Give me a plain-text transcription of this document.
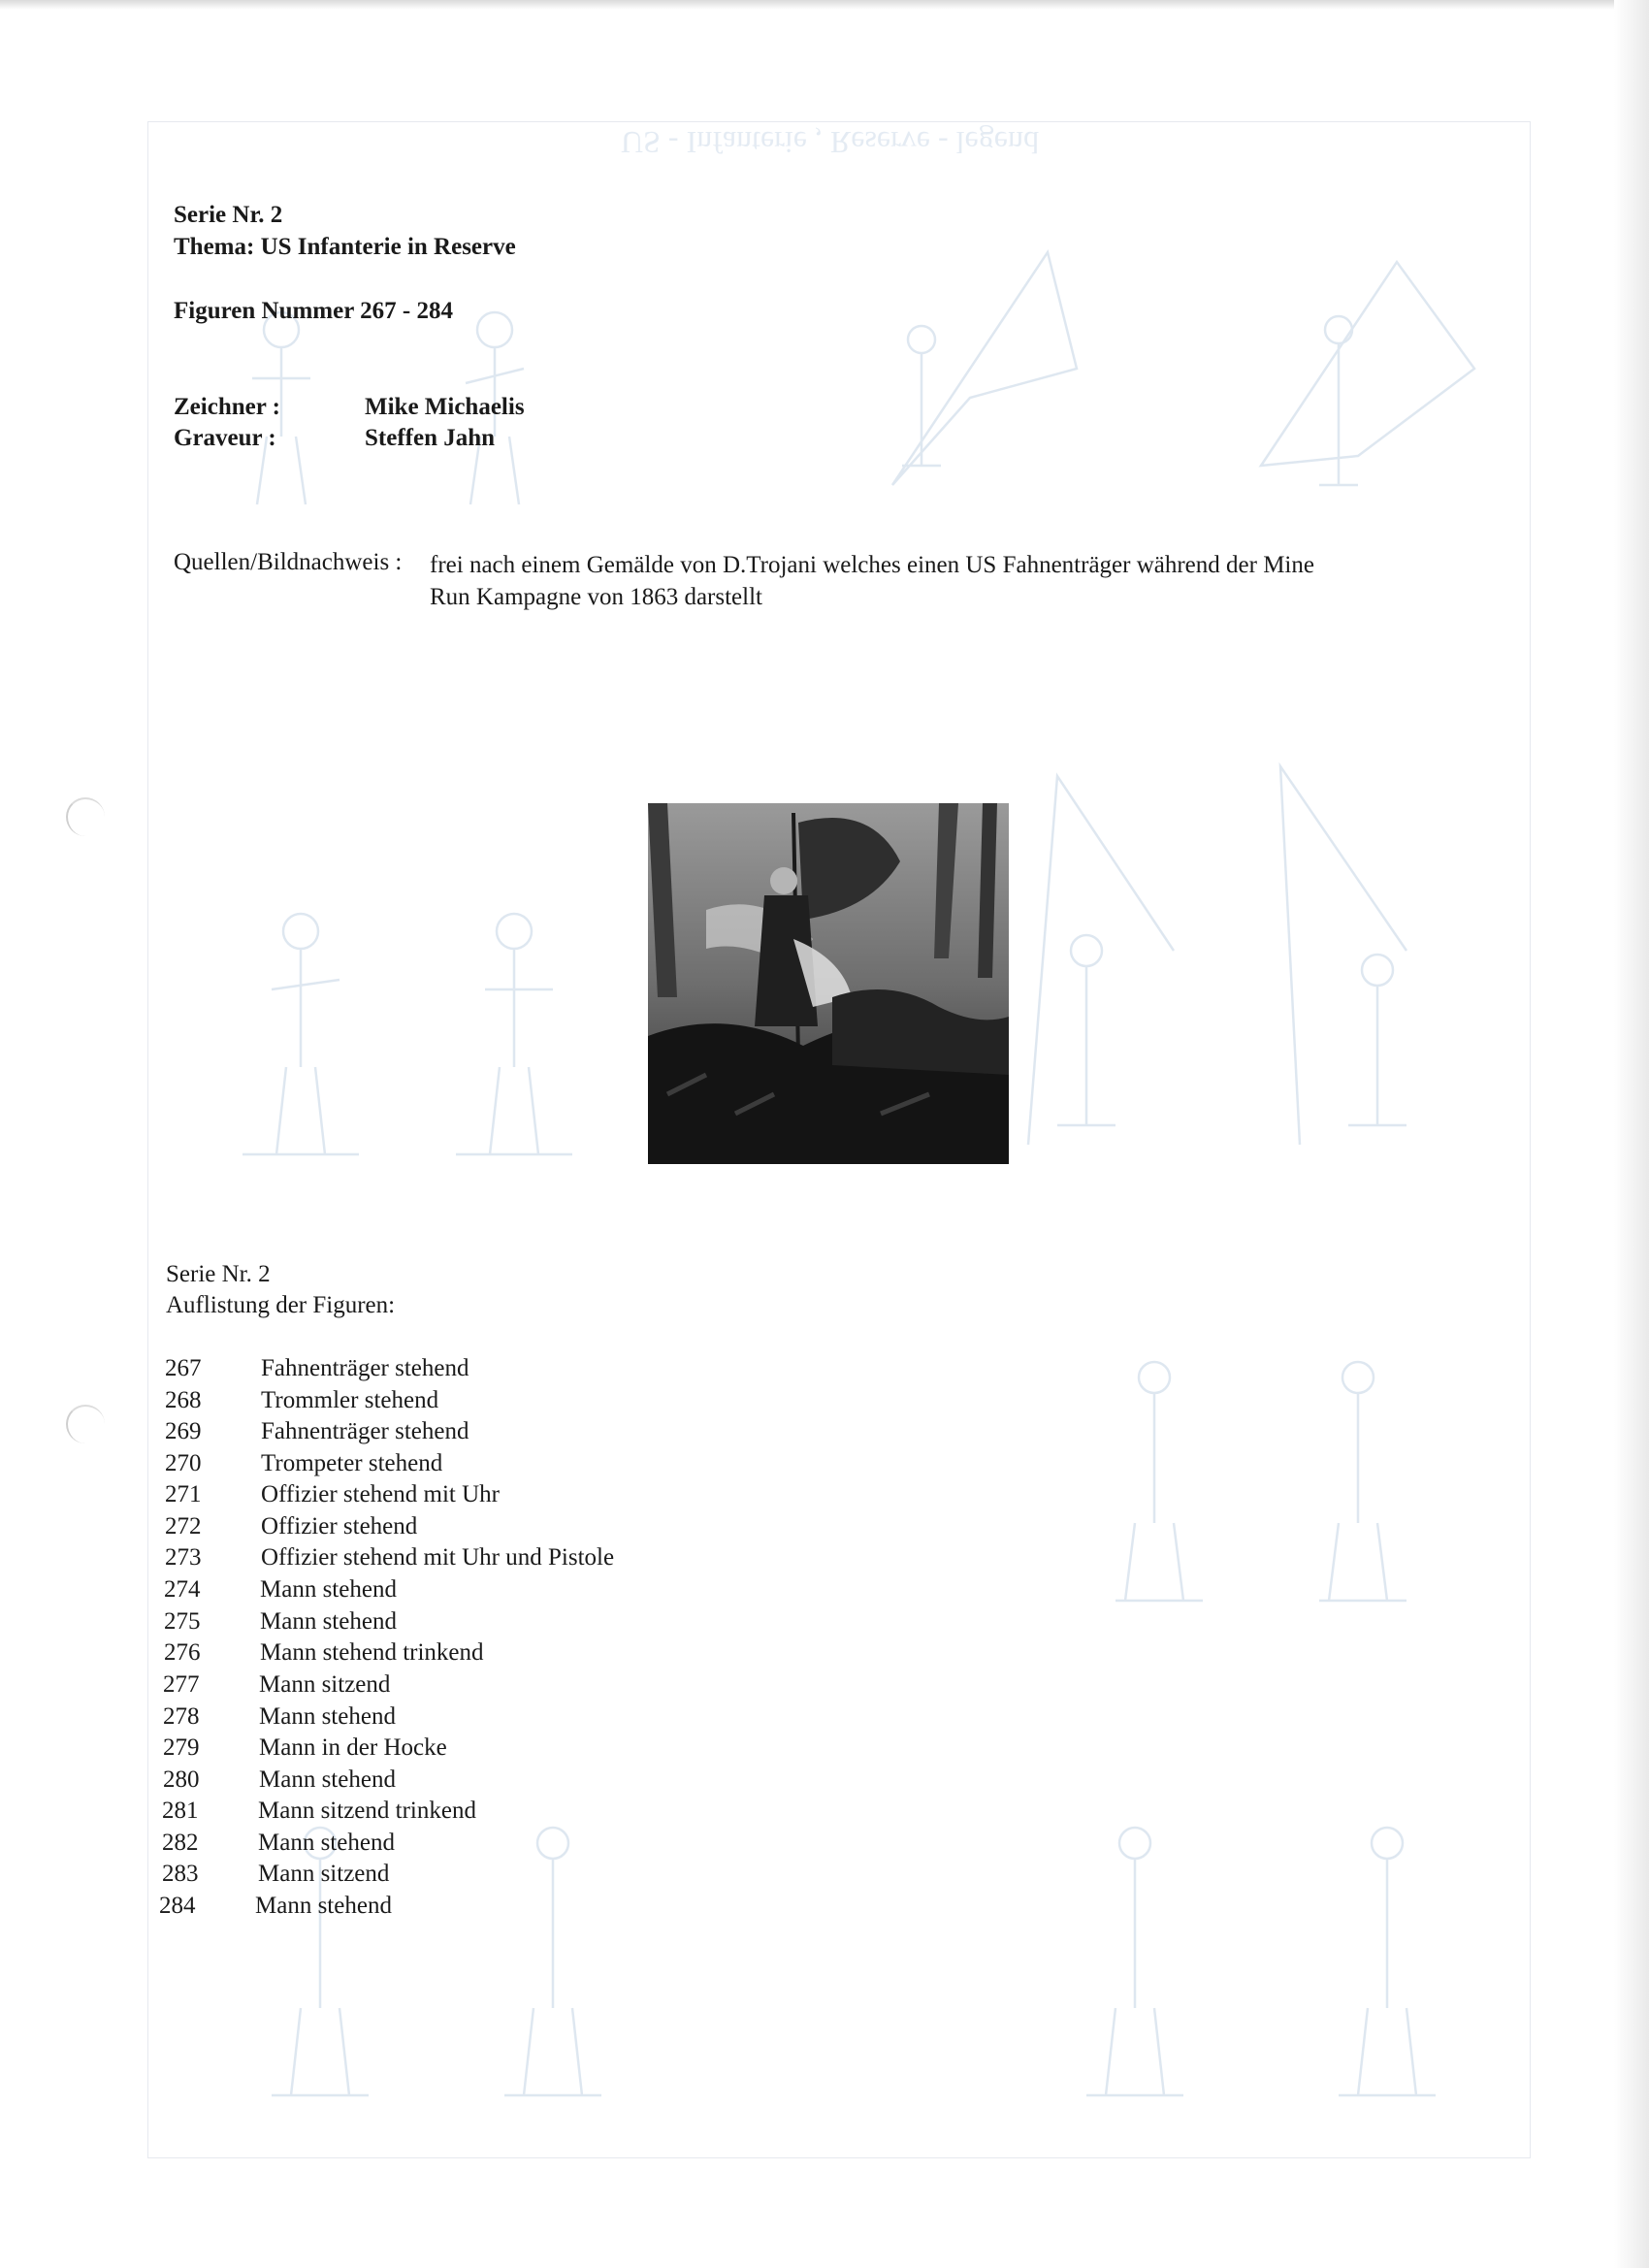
US - Infanterie , Reserve - legend
Serie Nr. 2
Thema: US Infanterie in Reserve
Figuren Nummer 267 - 284
Zeichner :	Mike Michaelis
Graveur :	Steffen Jahn
Quellen/Bildnachweis : frei nach einem Gemälde von D.Trojani welches einen US Fahnenträger während der Mine Run Kampagne von 1863 darstellt
Serie Nr. 2
Auflistung der Figuren:
267 Fahnenträger stehend
268 Trommler stehend
269 Fahnenträger stehend
270 Trompeter stehend
271 Offizier stehend mit Uhr
272 Offizier stehend
273 Offizier stehend mit Uhr und Pistole
274 Mann stehend
275 Mann stehend
276 Mann stehend trinkend
277 Mann sitzend
278 Mann stehend
279 Mann in der Hocke
280 Mann stehend
281 Mann sitzend trinkend
282 Mann stehend
283 Mann sitzend
284 Mann stehend
